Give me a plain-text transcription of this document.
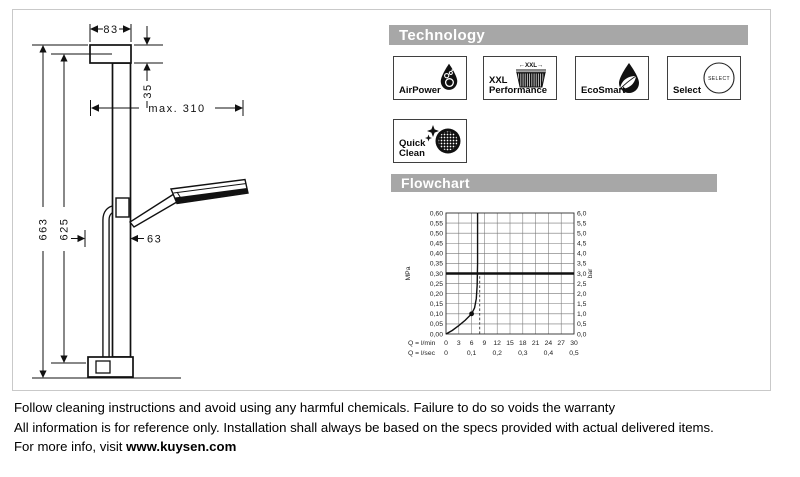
83
35
max. 310
663 625	63
Technology
AirPower
←XXL→
XXL Performance	EcoSmart
SELECT
Select
Quick Clean
Flowchart
0,00	0,0
0,05	0,5
0,10	1,0
0,15	1,5
0,20	2,0
0,25	2,5
0,30	3,0
0,35	3,5
0,40	4,0
0,45	4,5
0,50	5,0
0,55	5,5
0,60	6,0
0 3 6 9 12 15 18 21 24 27 30
0	0,1 0,2 0,3 0,4 0,5
MPa	bar
Q = l/min
Q = l/sec
Follow cleaning instructions and avoid using any harmful chemicals. Failure to do so voids the warranty
All information is for reference only. Installation shall always be based on the specs provided with actual delivered items.
For more info, visit www.kuysen.com
